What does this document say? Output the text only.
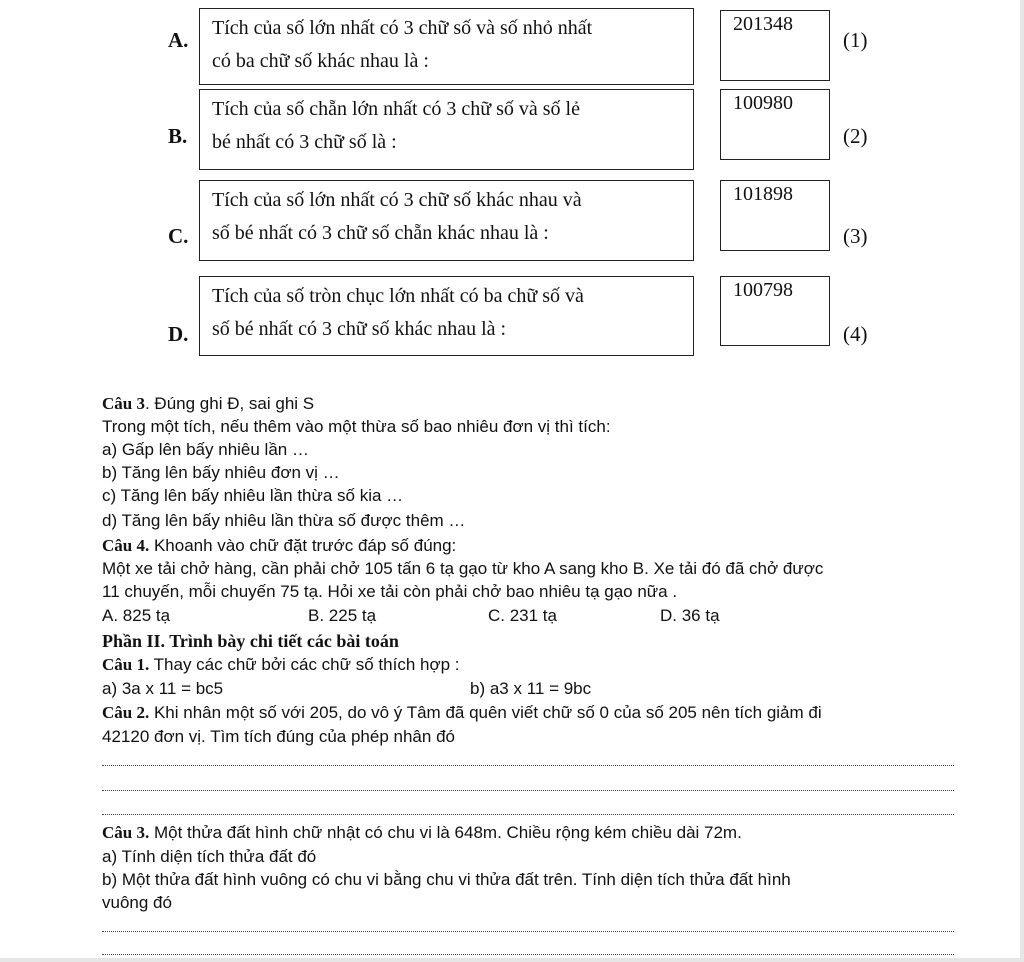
A. Tích của số lớn nhất có 3 chữ số và số nhỏ nhất
có ba chữ số khác nhau là :
201348
(1)
B.
Tích của số chẵn lớn nhất có 3 chữ số và số lẻ
bé nhất có 3 chữ số là :
100980
(2)
C.
Tích của số lớn nhất có 3 chữ số khác nhau và
số bé nhất có 3 chữ số chẵn khác nhau là :
101898
(3)
D.
Tích của số tròn chục lớn nhất có ba chữ số và
số bé nhất có 3 chữ số khác nhau là :
100798
(4)
Câu 3. Đúng ghi Đ, sai ghi S
Trong một tích, nếu thêm vào một thừa số bao nhiêu đơn vị thì tích:
a) Gấp lên bấy nhiêu lần …
b) Tăng lên bấy nhiêu đơn vị …
c) Tăng lên bấy nhiêu lần thừa số kia …
d) Tăng lên bấy nhiêu lần thừa số được thêm …
Câu 4. Khoanh vào chữ đặt trước đáp số đúng:
Một xe tải chở hàng, cần phải chở 105 tấn 6 tạ gạo từ kho A sang kho B. Xe tải đó đã chở được
11 chuyến, mỗi chuyến 75 tạ. Hỏi xe tải còn phải chở bao nhiêu tạ gạo nữa .
A. 825 tạ	B. 225 tạ	C. 231 tạ	D. 36 tạ
Phần II. Trình bày chi tiết các bài toán
Câu 1. Thay các chữ bởi các chữ số thích hợp :
a) 3a x 11 = bc5	b) a3 x 11 = 9bc
Câu 2. Khi nhân một số với 205, do vô ý Tâm đã quên viết chữ số 0 của số 205 nên tích giảm đi
42120 đơn vị. Tìm tích đúng của phép nhân đó
Câu 3. Một thửa đất hình chữ nhật có chu vi là 648m. Chiều rộng kém chiều dài 72m.
a) Tính diện tích thửa đất đó
b) Một thửa đất hình vuông có chu vi bằng chu vi thửa đất trên. Tính diện tích thửa đất hình
vuông đó
